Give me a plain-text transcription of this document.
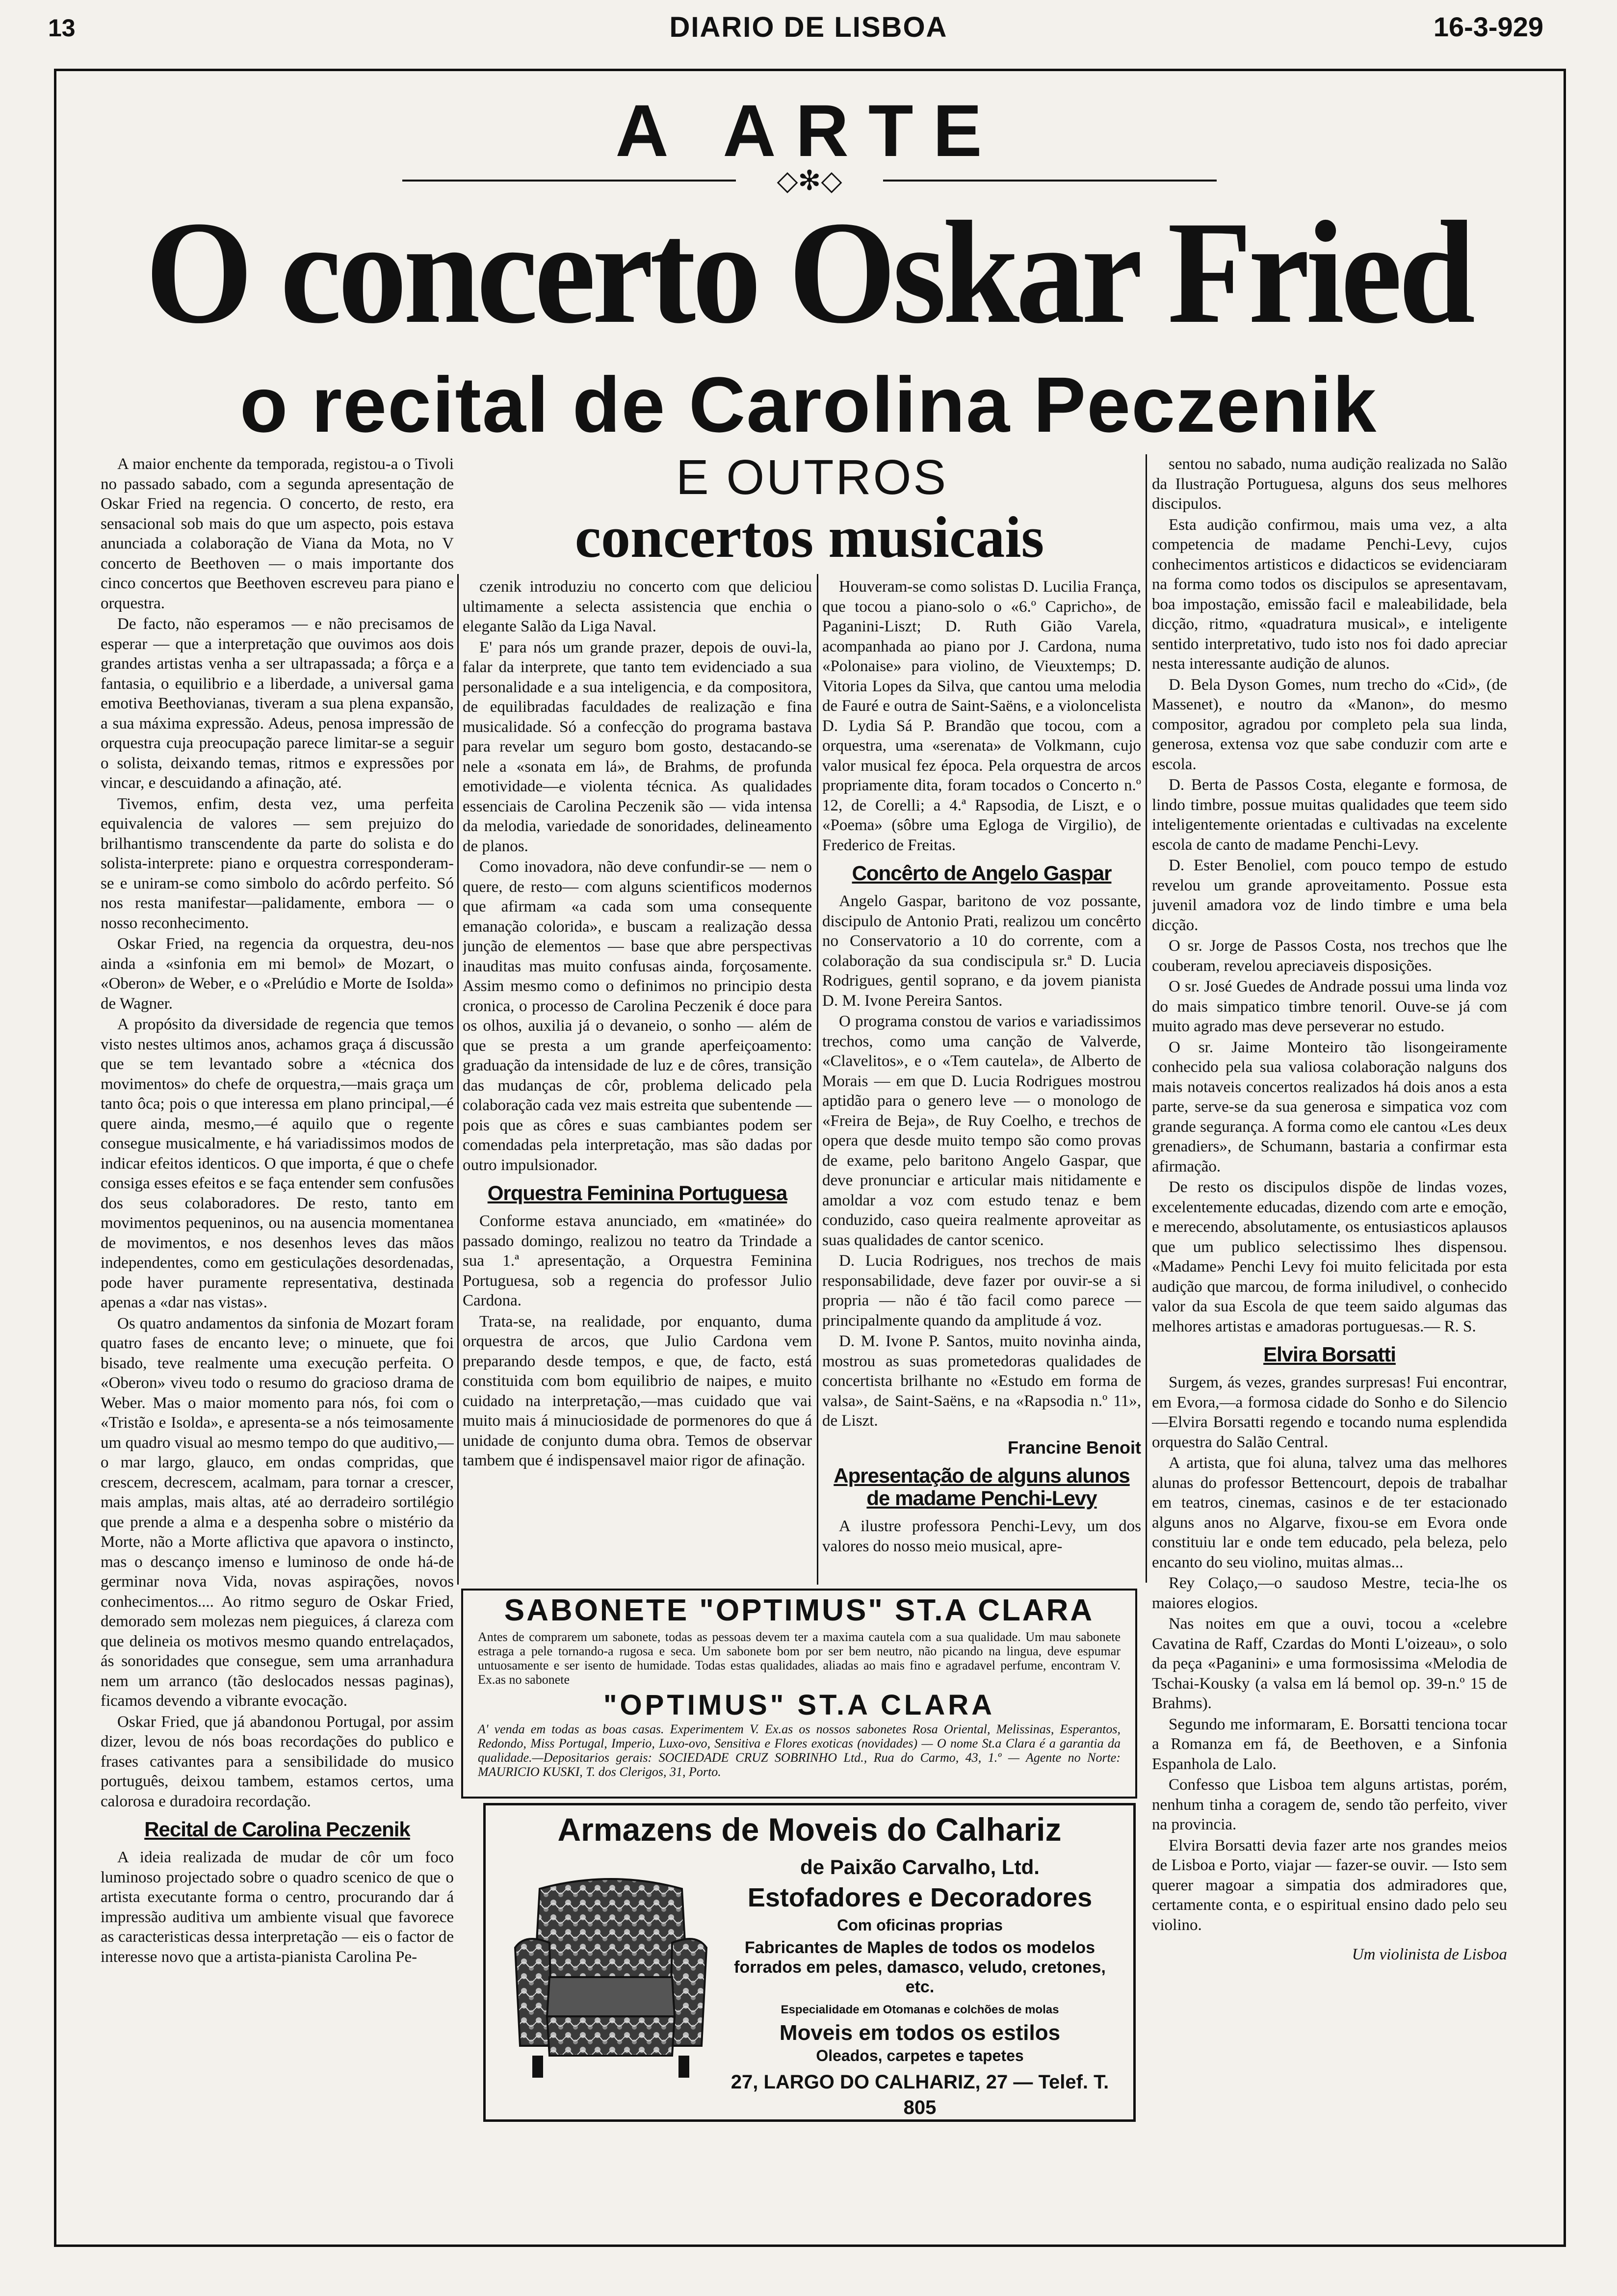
13	DIARIO DE LISBOA	16-3-929
A ARTE
◇✻◇
O concerto Oskar Fried
o recital de Carolina Peczenik
E OUTROS
concertos musicais

A maior enchente da temporada, registou-a o Tivoli no passado sabado, com a segunda apresentação de Oskar Fried na regencia. O concerto, de resto, era sensacional sob mais do que um aspecto, pois estava anunciada a colaboração de Viana da Mota, no V concerto de Beethoven — o mais importante dos cinco concertos que Beethoven escreveu para piano e orquestra.

De facto, não esperamos — e não precisamos de esperar — que a interpretação que ouvimos aos dois grandes artistas venha a ser ultrapassada; a fôrça e a fantasia, o equilibrio e a liberdade, a universal gama emotiva Beethovianas, tiveram a sua plena expansão, a sua máxima expressão. Adeus, penosa impressão de orquestra cuja preocupação parece limitar-se a seguir o solista, deixando temas, ritmos e expressões por vincar, e descuidando a afinação, até.

Tivemos, enfim, desta vez, uma perfeita equivalencia de valores — sem prejuizo do brilhantismo transcendente da parte do solista e do solista-interprete: piano e orquestra corresponderam-se e uniram-se como simbolo do acôrdo perfeito. Só nos resta manifestar—palidamente, embora — o nosso reconhecimento.

Oskar Fried, na regencia da orquestra, deu-nos ainda a «sinfonia em mi bemol» de Mozart, o «Oberon» de Weber, e o «Prelúdio e Morte de Isolda» de Wagner.

A propósito da diversidade de regencia que temos visto nestes ultimos anos, achamos graça á discussão que se tem levantado sobre a «técnica dos movimentos» do chefe de orquestra,—mais graça um tanto ôca; pois o que interessa em plano principal,—é quere ainda, mesmo,—é aquilo que o regente consegue musicalmente, e há variadissimos modos de indicar efeitos identicos. O que importa, é que o chefe consiga esses efeitos e se faça entender sem confusões dos seus colaboradores. De resto, tanto em movimentos pequeninos, ou na ausencia momentanea de movimentos, e nos desenhos leves das mãos independentes, como em gesticulações desordenadas, pode haver puramente representativa, destinada apenas a «dar nas vistas».

Os quatro andamentos da sinfonia de Mozart foram quatro fases de encanto leve; o minuete, que foi bisado, teve realmente uma execução perfeita. O «Oberon» viveu todo o resumo do gracioso drama de Weber. Mas o maior momento para nós, foi com o «Tristão e Isolda», e apresenta-se a nós teimosamente um quadro visual ao mesmo tempo do que auditivo,—o mar largo, glauco, em ondas compridas, que crescem, decrescem, acalmam, para tornar a crescer, mais amplas, mais altas, até ao derradeiro sortilégio que prende a alma e a despenha sobre o mistério da Morte, não a Morte aflictiva que apavora o instincto, mas o descanço imenso e luminoso de onde há-de germinar nova Vida, novas aspirações, novos conhecimentos.... Ao ritmo seguro de Oskar Fried, demorado sem molezas nem pieguices, á clareza com que delineia os motivos mesmo quando entrelaçados, ás sonoridades que consegue, sem uma arranhadura nem um arranco (tão deslocados nessas paginas), ficamos devendo a vibrante evocação.

Oskar Fried, que já abandonou Portugal, por assim dizer, levou de nós boas recordações do publico e frases cativantes para a sensibilidade do musico português, deixou tambem, estamos certos, uma calorosa e duradoira recordação.

Recital de Carolina Peczenik

A ideia realizada de mudar de côr um foco luminoso projectado sobre o quadro scenico de que o artista executante forma o centro, procurando dar á impressão auditiva um ambiente visual que favorece as caracteristicas dessa interpretação — eis o factor de interesse novo que a artista-pianista Carolina Pe-

czenik introduziu no concerto com que deliciou ultimamente a selecta assistencia que enchia o elegante Salão da Liga Naval.

E' para nós um grande prazer, depois de ouvi-la, falar da interprete, que tanto tem evidenciado a sua personalidade e a sua inteligencia, e da compositora, de equilibradas faculdades de realização e fina musicalidade. Só a confecção do programa bastava para revelar um seguro bom gosto, destacando-se nele a «sonata em lá», de Brahms, de profunda emotividade—e violenta técnica. As qualidades essenciais de Carolina Peczenik são — vida intensa da melodia, variedade de sonoridades, delineamento de planos.

Como inovadora, não deve confundir-se — nem o quere, de resto— com alguns scientificos modernos que afirmam «a cada som uma consequente emanação colorida», e buscam a realização dessa junção de elementos — base que abre perspectivas inauditas mas muito confusas ainda, forçosamente. Assim mesmo como o definimos no principio desta cronica, o processo de Carolina Peczenik é doce para os olhos, auxilia já o devaneio, o sonho — além de que se presta a um grande aperfeiçoamento: graduação da intensidade de luz e de côres, transição das mudanças de côr, problema delicado pela colaboração cada vez mais estreita que subentende — pois que as côres e suas cambiantes podem ser comendadas pela interpretação, mas são dadas por outro impulsionador.

Orquestra Feminina Portuguesa

Conforme estava anunciado, em «matinée» do passado domingo, realizou no teatro da Trindade a sua 1.ª apresentação, a Orquestra Feminina Portuguesa, sob a regencia do professor Julio Cardona.

Trata-se, na realidade, por enquanto, duma orquestra de arcos, que Julio Cardona vem preparando desde tempos, e que, de facto, está constituida com bom equilibrio de naipes, e muito cuidado na interpretação,—mas cuidado que vai muito mais á minuciosidade de pormenores do que á unidade de conjunto duma obra. Temos de observar tambem que é indispensavel maior rigor de afinação.

Houveram-se como solistas D. Lucilia França, que tocou a piano-solo o «6.º Capricho», de Paganini-Liszt; D. Ruth Gião Varela, acompanhada ao piano por J. Cardona, numa «Polonaise» para violino, de Vieuxtemps; D. Vitoria Lopes da Silva, que cantou uma melodia de Fauré e outra de Saint-Saëns, e a violoncelista D. Lydia Sá P. Brandão que tocou, com a orquestra, uma «serenata» de Volkmann, cujo valor musical fez época. Pela orquestra de arcos propriamente dita, foram tocados o Concerto n.º 12, de Corelli; a 4.ª Rapsodia, de Liszt, e o «Poema» (sôbre uma Egloga de Virgilio), de Frederico de Freitas.

Concêrto de Angelo Gaspar

Angelo Gaspar, baritono de voz possante, discipulo de Antonio Prati, realizou um concêrto no Conservatorio a 10 do corrente, com a colaboração da sua condiscipula sr.ª D. Lucia Rodrigues, gentil soprano, e da jovem pianista D. M. Ivone Pereira Santos.

O programa constou de varios e variadissimos trechos, como uma canção de Valverde, «Clavelitos», e o «Tem cautela», de Alberto de Morais — em que D. Lucia Rodrigues mostrou aptidão para o genero leve — o monologo de «Freira de Beja», de Ruy Coelho, e trechos de opera que desde muito tempo são como provas de exame, pelo baritono Angelo Gaspar, que deve pronunciar e articular mais nitidamente e amoldar a voz com estudo tenaz e bem conduzido, caso queira realmente aproveitar as suas qualidades de cantor scenico.

D. Lucia Rodrigues, nos trechos de mais responsabilidade, deve fazer por ouvir-se a si propria — não é tão facil como parece — principalmente quando da amplitude á voz.

D. M. Ivone P. Santos, muito novinha ainda, mostrou as suas prometedoras qualidades de concertista brilhante no «Estudo em forma de valsa», de Saint-Saëns, e na «Rapsodia n.º 11», de Liszt.

Francine Benoit
Apresentação de alguns alunos de madame Penchi-Levy

A ilustre professora Penchi-Levy, um dos valores do nosso meio musical, apre-

sentou no sabado, numa audição realizada no Salão da Ilustração Portuguesa, alguns dos seus melhores discipulos.

Esta audição confirmou, mais uma vez, a alta competencia de madame Penchi-Levy, cujos conhecimentos artisticos e didacticos se evidenciaram na forma como todos os discipulos se apresentavam, boa impostação, emissão facil e maleabilidade, bela dicção, ritmo, «quadratura musical», e inteligente sentido interpretativo, tudo isto nos foi dado apreciar nesta interessante audição de alunos.

D. Bela Dyson Gomes, num trecho do «Cid», (de Massenet), e noutro da «Manon», do mesmo compositor, agradou por completo pela sua linda, generosa, extensa voz que sabe conduzir com arte e escola.

D. Berta de Passos Costa, elegante e formosa, de lindo timbre, possue muitas qualidades que teem sido inteligentemente orientadas e cultivadas na excelente escola de canto de madame Penchi-Levy.

D. Ester Benoliel, com pouco tempo de estudo revelou um grande aproveitamento. Possue esta juvenil amadora voz de lindo timbre e uma bela dicção.

O sr. Jorge de Passos Costa, nos trechos que lhe couberam, revelou apreciaveis disposições.

O sr. José Guedes de Andrade possui uma linda voz do mais simpatico timbre tenoril. Ouve-se já com muito agrado mas deve perseverar no estudo.

O sr. Jaime Monteiro tão lisongeiramente conhecido pela sua valiosa colaboração nalguns dos mais notaveis concertos realizados há dois anos a esta parte, serve-se da sua generosa e simpatica voz com grande segurança. A forma como ele cantou «Les deux grenadiers», de Schumann, bastaria a confirmar esta afirmação.

De resto os discipulos dispõe de lindas vozes, excelentemente educadas, dizendo com arte e emoção, e merecendo, absolutamente, os entusiasticos aplausos que um publico selectissimo lhes dispensou. «Madame» Penchi Levy foi muito felicitada por esta audição que marcou, de forma iniludivel, o conhecido valor da sua Escola de que teem saido algumas das melhores artistas e amadoras portuguesas.— R. S.

Elvira Borsatti

Surgem, ás vezes, grandes surpresas! Fui encontrar, em Evora,—a formosa cidade do Sonho e do Silencio—Elvira Borsatti regendo e tocando numa esplendida orquestra do Salão Central.

A artista, que foi aluna, talvez uma das melhores alunas do professor Bettencourt, depois de trabalhar em teatros, cinemas, casinos e de ter estacionado alguns anos no Algarve, fixou-se em Evora onde constituiu lar e onde tem educado, pela beleza, pelo encanto do seu violino, muitas almas...

Rey Colaço,—o saudoso Mestre, tecia-lhe os maiores elogios.

Nas noites em que a ouvi, tocou a «celebre Cavatina de Raff, Czardas do Monti L'oizeau», o solo da peça «Paganini» e uma formosissima «Melodia de Tschai-Kousky (a valsa em lá bemol op. 39-n.º 15 de Brahms).

Segundo me informaram, E. Borsatti tenciona tocar a Romanza em fá, de Beethoven, e a Sinfonia Espanhola de Lalo.

Confesso que Lisboa tem alguns artistas, porém, nenhum tinha a coragem de, sendo tão perfeito, viver na provincia.

Elvira Borsatti devia fazer arte nos grandes meios de Lisboa e Porto, viajar — fazer-se ouvir. — Isto sem querer magoar a simpatia dos admiradores que, certamente conta, e o espiritual ensino dado pelo seu violino.

Um violinista de Lisboa
SABONETE "OPTIMUS" ST.A CLARA
Antes de comprarem um sabonete, todas as pessoas devem ter a maxima cautela com a sua qualidade. Um mau sabonete estraga a pele tornando-a rugosa e seca. Um sabonete bom por ser bem neutro, não picando na lingua, deve espumar untuosamente e ser isento de humidade. Todas estas qualidades, aliadas ao mais fino e agradavel perfume, encontram V. Ex.as no sabonete
"OPTIMUS" ST.A CLARA
A' venda em todas as boas casas. Experimentem V. Ex.as os nossos sabonetes Rosa Oriental, Melissinas, Esperantos, Redondo, Miss Portugal, Imperio, Luxo-ovo, Sensitiva e Flores exoticas (novidades) — O nome St.a Clara é a garantia da qualidade.—Depositarios gerais: SOCIEDADE CRUZ SOBRINHO Ltd., Rua do Carmo, 43, 1.º — Agente no Norte: MAURICIO KUSKI, T. dos Clerigos, 31, Porto.
Armazens de Moveis do Calhariz
de Paixão Carvalho, Ltd.
Estofadores e Decoradores
Com oficinas proprias
Fabricantes de Maples de todos os modelos forrados em peles, damasco, veludo, cretones, etc.
Especialidade em Otomanas e colchões de molas
Moveis em todos os estilos
Oleados, carpetes e tapetes
27, LARGO DO CALHARIZ, 27 — Telef. T. 805
